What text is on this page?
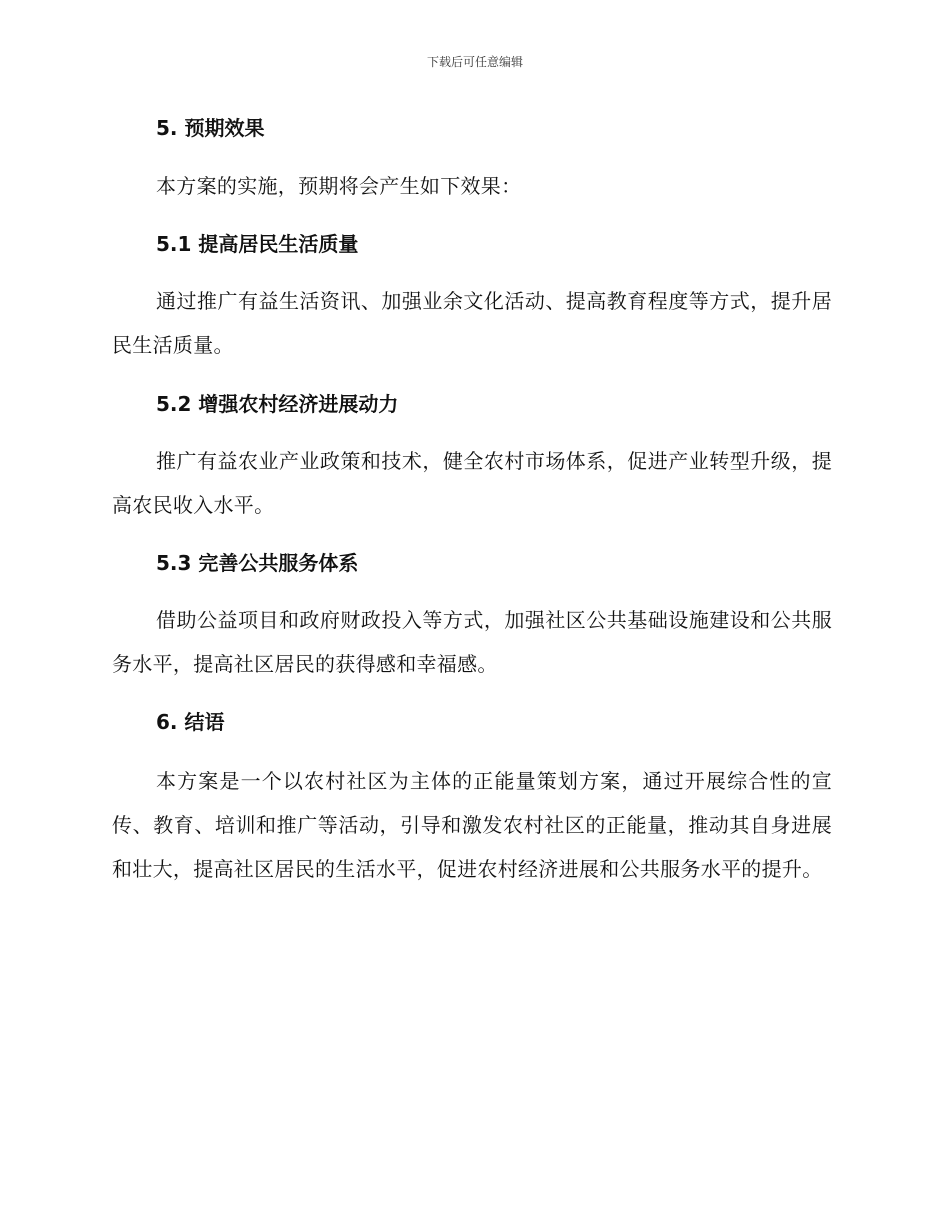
下载后可任意编辑
5. 预期效果
本方案的实施，预期将会产生如下效果：
5.1 提高居民生活质量
通过推广有益生活资讯、加强业余文化活动、提高教育程度等方式，提升居民生活质量。
5.2 增强农村经济进展动力
推广有益农业产业政策和技术，健全农村市场体系，促进产业转型升级，提高农民收入水平。
5.3 完善公共服务体系
借助公益项目和政府财政投入等方式，加强社区公共基础设施建设和公共服务水平，提高社区居民的获得感和幸福感。
6. 结语
本方案是一个以农村社区为主体的正能量策划方案，通过开展综合性的宣传、教育、培训和推广等活动，引导和激发农村社区的正能量，推动其自身进展和壮大，提高社区居民的生活水平，促进农村经济进展和公共服务水平的提升。
